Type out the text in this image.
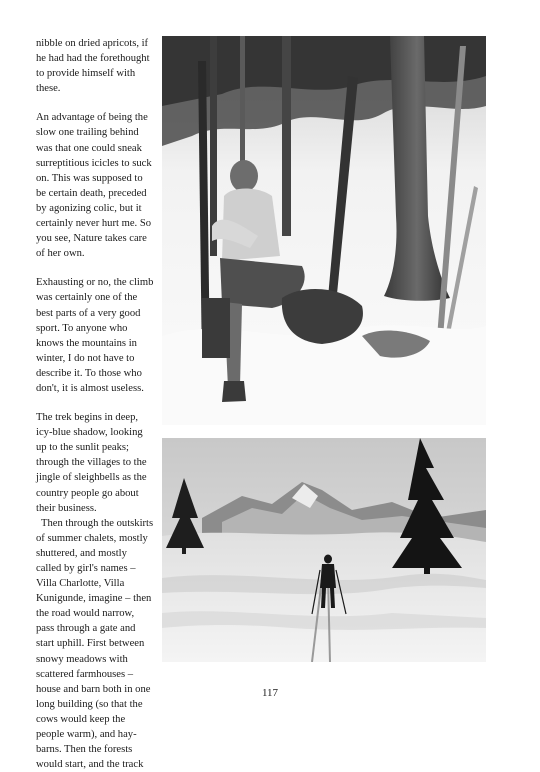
nibble on dried apricots, if he had had the forethought to provide himself with these.

An advantage of being the slow one trailing behind was that one could sneak surreptitious icicles to suck on. This was supposed to be certain death, preceded by agonizing colic, but it certainly never hurt me. So you see, Nature takes care of her own.

Exhausting or no, the climb was certainly one of the best parts of a very good sport. To anyone who knows the mountains in winter, I do not have to describe it. To those who don't, it is almost useless.

The trek begins in deep, icy-blue shadow, looking up to the sunlit peaks; through the villages to the jingle of sleighbells as the country people go about their business.

Then through the outskirts of summer chalets, mostly shuttered, and mostly called by girl's names – Villa Charlotte, Villa Kunigunde, imagine – then the road would narrow, pass through a gate and start uphill. First between snowy meadows with scattered farmhouses – house and barn both in one long building (so that the cows would keep the people warm), and hay-barns. Then the forests would start, and the track

117
